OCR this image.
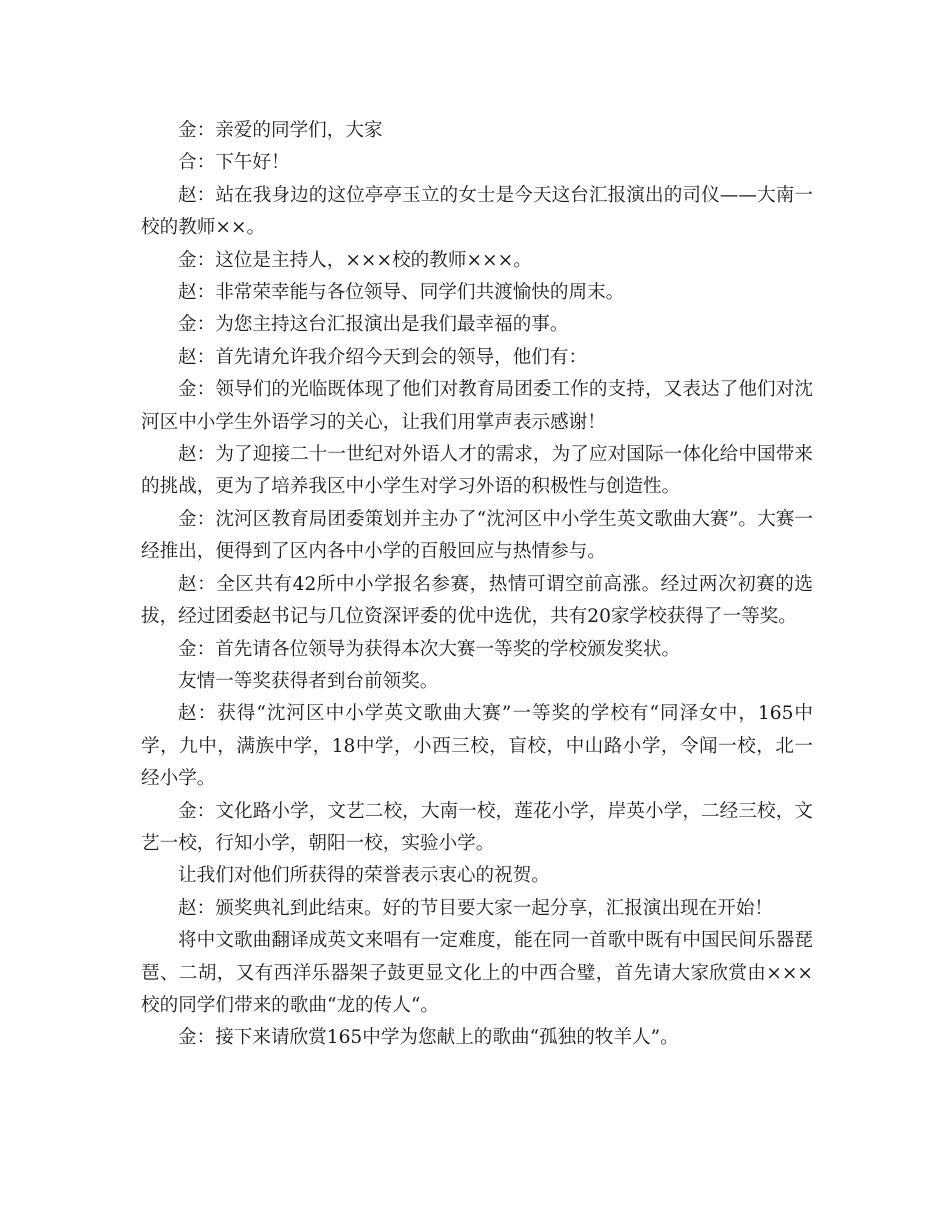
金：亲爱的同学们，大家

合：下午好！

赵：站在我身边的这位亭亭玉立的女士是今天这台汇报演出的司仪——大南一校的教师××。

金：这位是主持人，×××校的教师×××。

赵：非常荣幸能与各位领导、同学们共渡愉快的周末。

金：为您主持这台汇报演出是我们最幸福的事。

赵：首先请允许我介绍今天到会的领导，他们有：

金：领导们的光临既体现了他们对教育局团委工作的支持，又表达了他们对沈河区中小学生外语学习的关心，让我们用掌声表示感谢！

赵：为了迎接二十一世纪对外语人才的需求，为了应对国际一体化给中国带来的挑战，更为了培养我区中小学生对学习外语的积极性与创造性。

金：沈河区教育局团委策划并主办了“沈河区中小学生英文歌曲大赛”。大赛一经推出，便得到了区内各中小学的百般回应与热情参与。

赵：全区共有42所中小学报名参赛，热情可谓空前高涨。经过两次初赛的选拔，经过团委赵书记与几位资深评委的优中选优，共有20家学校获得了一等奖。

金：首先请各位领导为获得本次大赛一等奖的学校颁发奖状。

友情一等奖获得者到台前领奖。

赵：获得“沈河区中小学英文歌曲大赛”一等奖的学校有“同泽女中，165中学，九中，满族中学，18中学，小西三校，盲校，中山路小学，令闻一校，北一经小学。

金：文化路小学，文艺二校，大南一校，莲花小学，岸英小学，二经三校，文艺一校，行知小学，朝阳一校，实验小学。

让我们对他们所获得的荣誉表示衷心的祝贺。

赵：颁奖典礼到此结束。好的节目要大家一起分享，汇报演出现在开始！

将中文歌曲翻译成英文来唱有一定难度，能在同一首歌中既有中国民间乐器琵琶、二胡，又有西洋乐器架子鼓更显文化上的中西合璧，首先请大家欣赏由×××校的同学们带来的歌曲“龙的传人“。

金：接下来请欣赏165中学为您献上的歌曲“孤独的牧羊人”。
